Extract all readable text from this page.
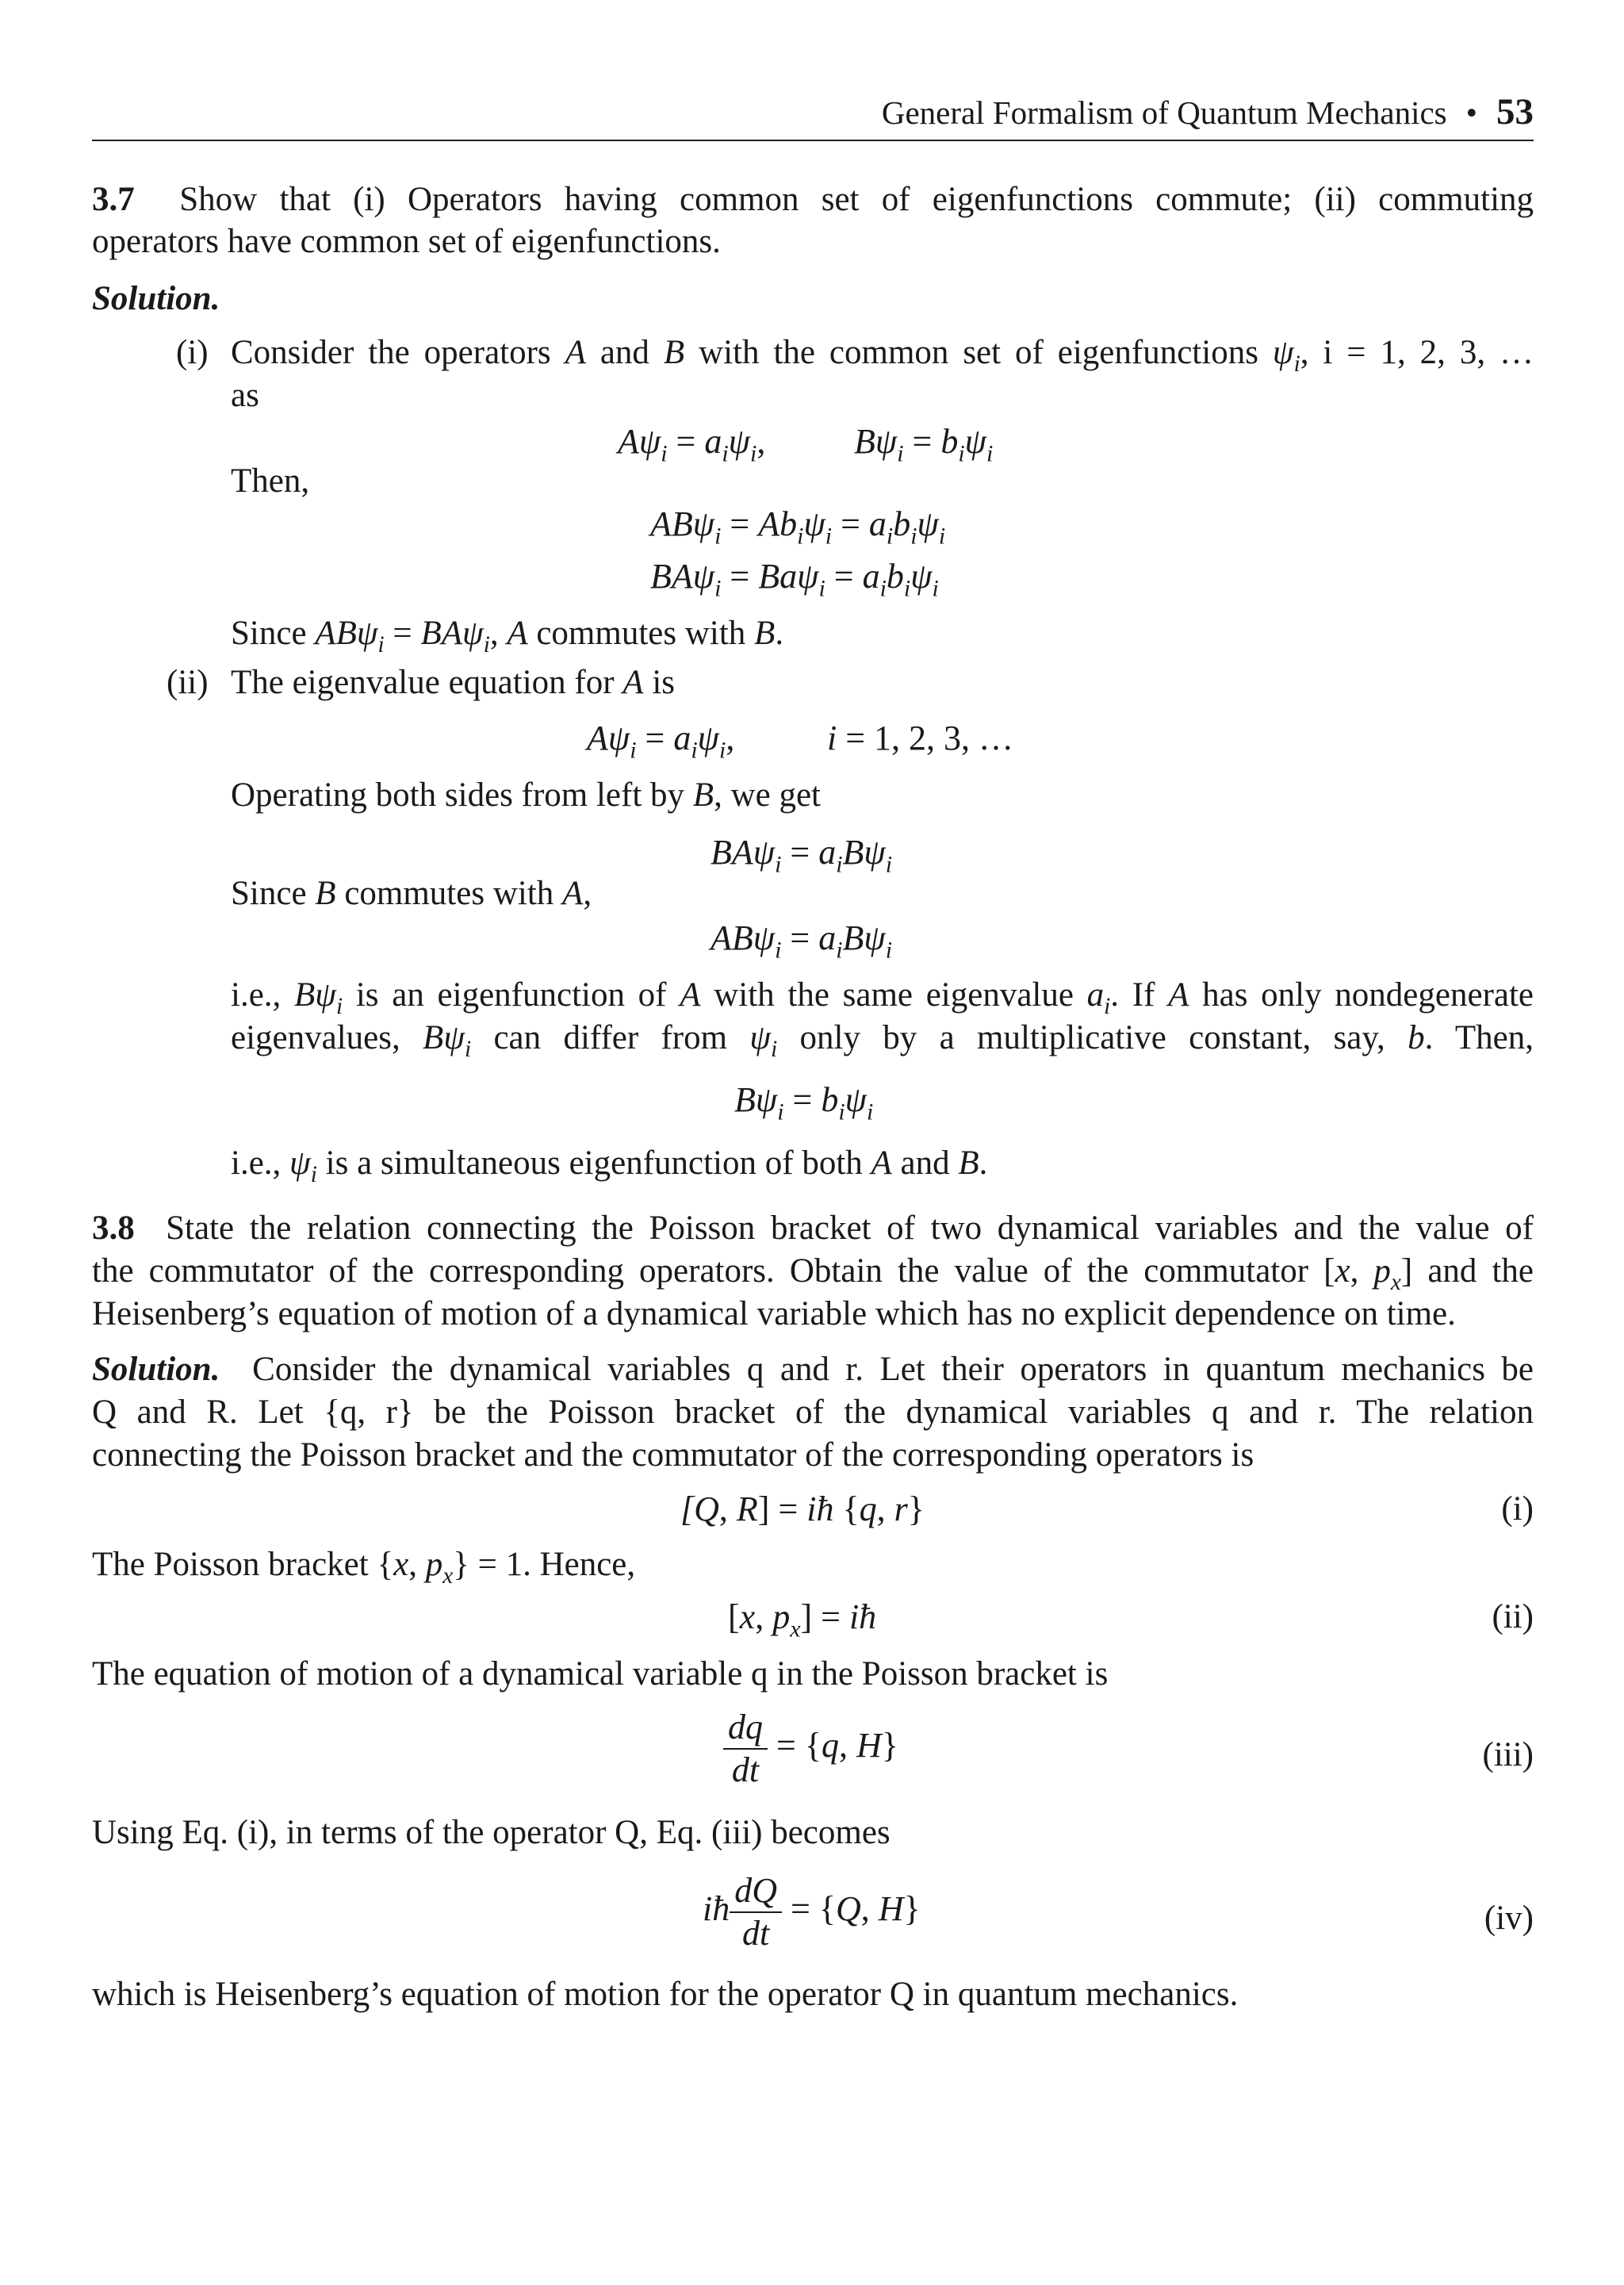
General Formalism of Quantum Mechanics • 53
3.7 Show that (i) Operators having common set of eigenfunctions commute; (ii) commuting
operators have common set of eigenfunctions.
Solution.
(i) Consider the operators A and B with the common set of eigenfunctions $\psi_i$, i = 1, 2, 3, …
as
$A\psi_i = a_i\psi_i$,	$B\psi_i = b_i\psi_i$
Then,
$AB\psi_i = Ab_i\psi_i = a_ib_i\psi_i$
$BA\psi_i = Ba\psi_i = a_ib_i\psi_i$
Since ABψ$_i$ = BAψ$_i$, A commutes with B.
(ii) The eigenvalue equation for A is
$A\psi_i = a_i\psi_i$,	i = 1, 2, 3, …
Operating both sides from left by B, we get
$BA\psi_i = a_iB\psi_i$
Since B commutes with A,
$AB\psi_i = a_iB\psi_i$
i.e., $B\psi_i$ is an eigenfunction of A with the same eigenvalue $a_i$. If A has only nondegenerate
eigenvalues, $B\psi_i$ can differ from $\psi_i$ only by a multiplicative constant, say, b. Then,
$B\psi_i = b_i\psi_i$
i.e., $\psi_i$ is a simultaneous eigenfunction of both A and B.
3.8 State the relation connecting the Poisson bracket of two dynamical variables and the value of
the commutator of the corresponding operators. Obtain the value of the commutator [x, $p_x$] and the
Heisenberg’s equation of motion of a dynamical variable which has no explicit dependence on time.
Solution. Consider the dynamical variables q and r. Let their operators in quantum mechanics be
Q and R. Let {q, r} be the Poisson bracket of the dynamical variables q and r. The relation
connecting the Poisson bracket and the commutator of the corresponding operators is
[Q, R] = iħ {q, r}	(i)
The Poisson bracket {x, $p_x\} = 1$. Hence,
[x, $p_x$] = iħ	(ii)
The equation of motion of a dynamical variable q in the Poisson bracket is
$\frac{dq}{dt} = \{q$, H}	(iii)
Using Eq. (i), in terms of the operator Q, Eq. (iii) becomes
iħ $\frac{dQ}{dt} = \{Q$, H}	(iv)
which is Heisenberg’s equation of motion for the operator Q in quantum mechanics.
